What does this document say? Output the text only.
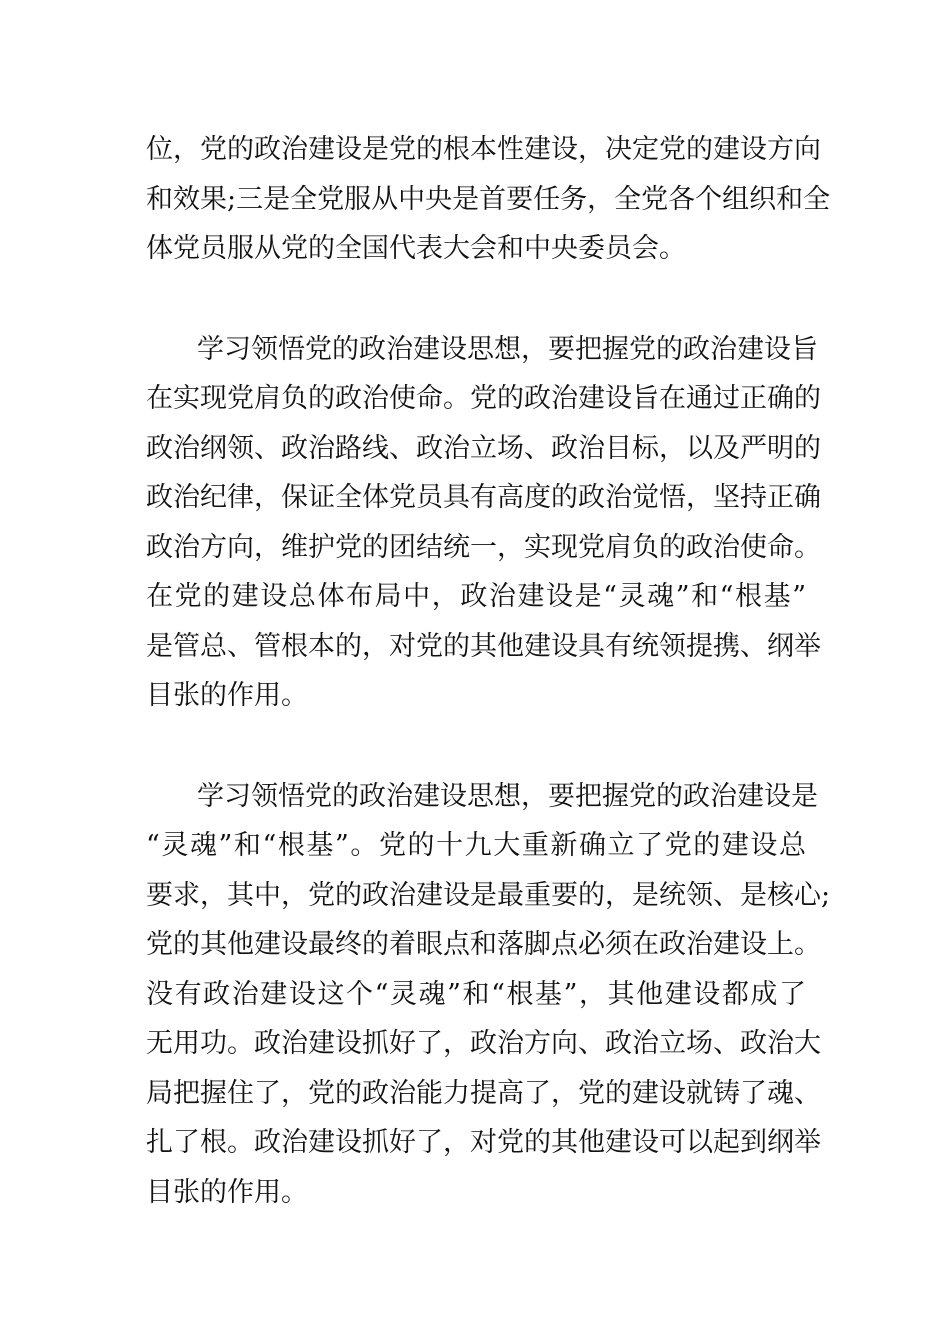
位，党的政治建设是党的根本性建设，决定党的建设方向
和效果;三是全党服从中央是首要任务，全党各个组织和全
体党员服从党的全国代表大会和中央委员会。
学习领悟党的政治建设思想，要把握党的政治建设旨
在实现党肩负的政治使命。党的政治建设旨在通过正确的
政治纲领、政治路线、政治立场、政治目标，以及严明的
政治纪律，保证全体党员具有高度的政治觉悟，坚持正确
政治方向，维护党的团结统一，实现党肩负的政治使命。
在党的建设总体布局中，政治建设是“灵魂”和“根基”
是管总、管根本的，对党的其他建设具有统领提携、纲举
目张的作用。
学习领悟党的政治建设思想，要把握党的政治建设是
“灵魂”和“根基”。党的十九大重新确立了党的建设总
要求，其中，党的政治建设是最重要的，是统领、是核心;
党的其他建设最终的着眼点和落脚点必须在政治建设上。
没有政治建设这个“灵魂”和“根基”，其他建设都成了
无用功。政治建设抓好了，政治方向、政治立场、政治大
局把握住了，党的政治能力提高了，党的建设就铸了魂、
扎了根。政治建设抓好了，对党的其他建设可以起到纲举
目张的作用。
